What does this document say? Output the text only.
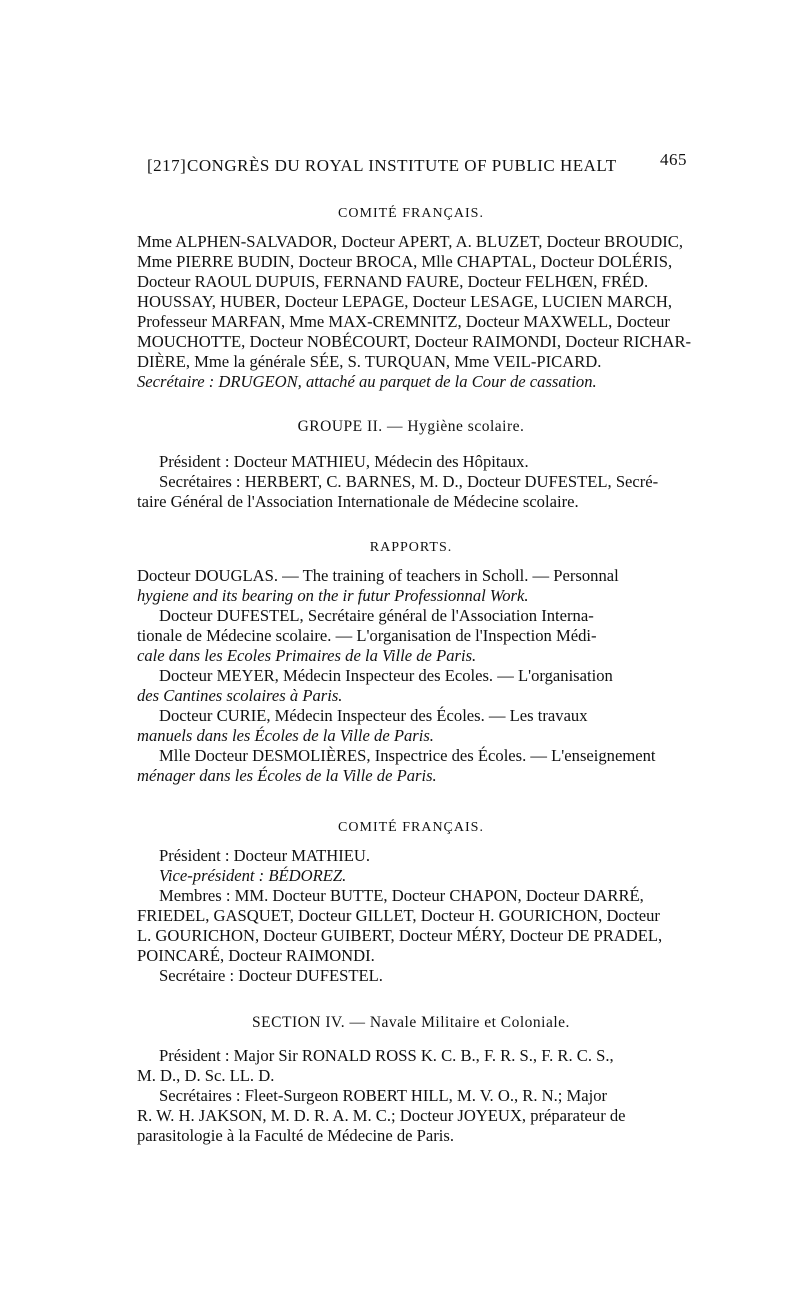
[217] CONGRÈS DU ROYAL INSTITUTE OF PUBLIC HEALT	465
COMITÉ FRANÇAIS.

Mme ALPHEN-SALVADOR, Docteur APERT, A. BLUZET, Docteur BROUDIC,

Mme PIERRE BUDIN, Docteur BROCA, Mlle CHAPTAL, Docteur DOLÉRIS,

Docteur RAOUL DUPUIS, FERNAND FAURE, Docteur FELHŒN, FRÉD.

HOUSSAY, HUBER, Docteur LEPAGE, Docteur LESAGE, LUCIEN MARCH,

Professeur MARFAN, Mme MAX-CREMNITZ, Docteur MAXWELL, Docteur

MOUCHOTTE, Docteur NOBÉCOURT, Docteur RAIMONDI, Docteur RICHAR-

DIÈRE, Mme la générale SÉE, S. TURQUAN, Mme VEIL-PICARD.

Secrétaire : DRUGEON, attaché au parquet de la Cour de cassation.

GROUPE II. — Hygiène scolaire.

Président : Docteur MATHIEU, Médecin des Hôpitaux.

Secrétaires : HERBERT, C. BARNES, M. D., Docteur DUFESTEL, Secré-

taire Général de l'Association Internationale de Médecine scolaire.

RAPPORTS.

Docteur DOUGLAS. — The training of teachers in Scholl. — Personnal

hygiene and its bearing on the ir futur Professionnal Work.

Docteur DUFESTEL, Secrétaire général de l'Association Interna-

tionale de Médecine scolaire. — L'organisation de l'Inspection Médi-

cale dans les Ecoles Primaires de la Ville de Paris.

Docteur MEYER, Médecin Inspecteur des Ecoles. — L'organisation

des Cantines scolaires à Paris.

Docteur CURIE, Médecin Inspecteur des Écoles. — Les travaux

manuels dans les Écoles de la Ville de Paris.

Mlle Docteur DESMOLIÈRES, Inspectrice des Écoles. — L'enseignement

ménager dans les Écoles de la Ville de Paris.

COMITÉ FRANÇAIS.

Président : Docteur MATHIEU.

Vice-président : BÉDOREZ.

Membres : MM. Docteur BUTTE, Docteur CHAPON, Docteur DARRÉ,

FRIEDEL, GASQUET, Docteur GILLET, Docteur H. GOURICHON, Docteur

L. GOURICHON, Docteur GUIBERT, Docteur MÉRY, Docteur DE PRADEL,

POINCARÉ, Docteur RAIMONDI.

Secrétaire : Docteur DUFESTEL.

SECTION IV. — Navale Militaire et Coloniale.

Président : Major Sir RONALD ROSS K. C. B., F. R. S., F. R. C. S.,

M. D., D. Sc. LL. D.

Secrétaires : Fleet-Surgeon ROBERT HILL, M. V. O., R. N.; Major

R. W. H. JAKSON, M. D. R. A. M. C.; Docteur JOYEUX, préparateur de

parasitologie à la Faculté de Médecine de Paris.
